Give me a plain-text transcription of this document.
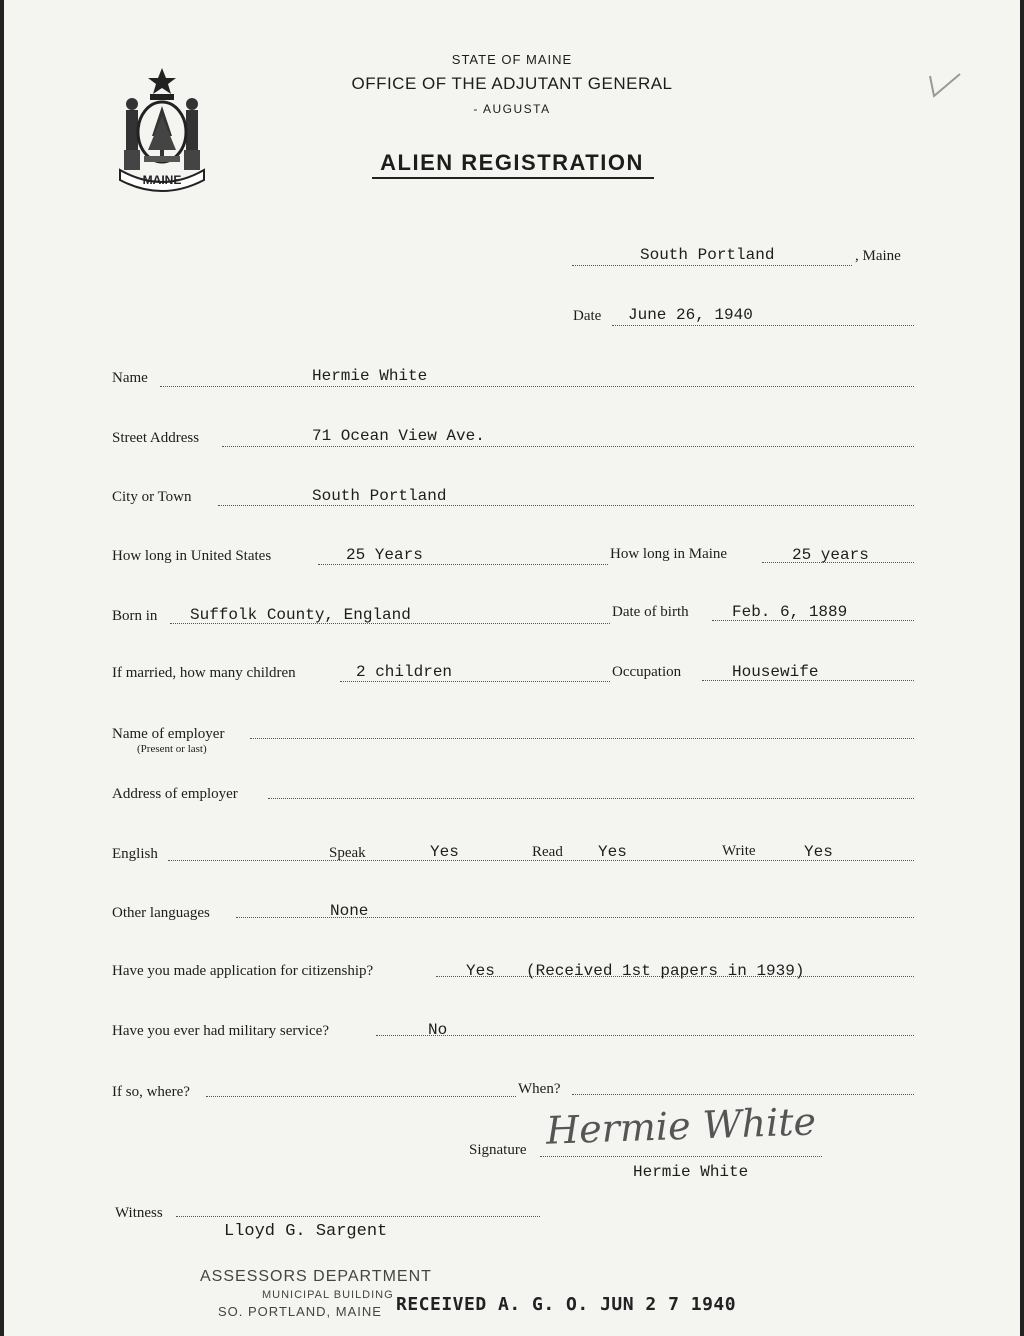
MAINE
STATE OF MAINE
OFFICE OF THE ADJUTANT GENERAL
- AUGUSTA
ALIEN REGISTRATION
South Portland	, Maine
Date June 26, 1940
Name	Hermie White
Street Address	71 Ocean View Ave.
City or Town	South Portland
How long in United States	25 Years	How long in Maine	25 years
Born in Suffolk County, England	Date of birth	Feb. 6, 1889
If married, how many children	2 children	Occupation	Housewife
Name of employer
(Present or last)
Address of employer
English	Speak	Yes	Read Yes	Write	Yes
Other languages	None
Have you made application for citizenship?	Yes (Received 1st papers in 1939)
Have you ever had military service?	No
If so, where?	When?
Signature Hermie White
Hermie White
Witness
Lloyd G. Sargent
ASSESSORS DEPARTMENT
MUNICIPAL BUILDING
SO. PORTLAND, MAINE RECEIVED A. G. O. JUN 2 7 1940
